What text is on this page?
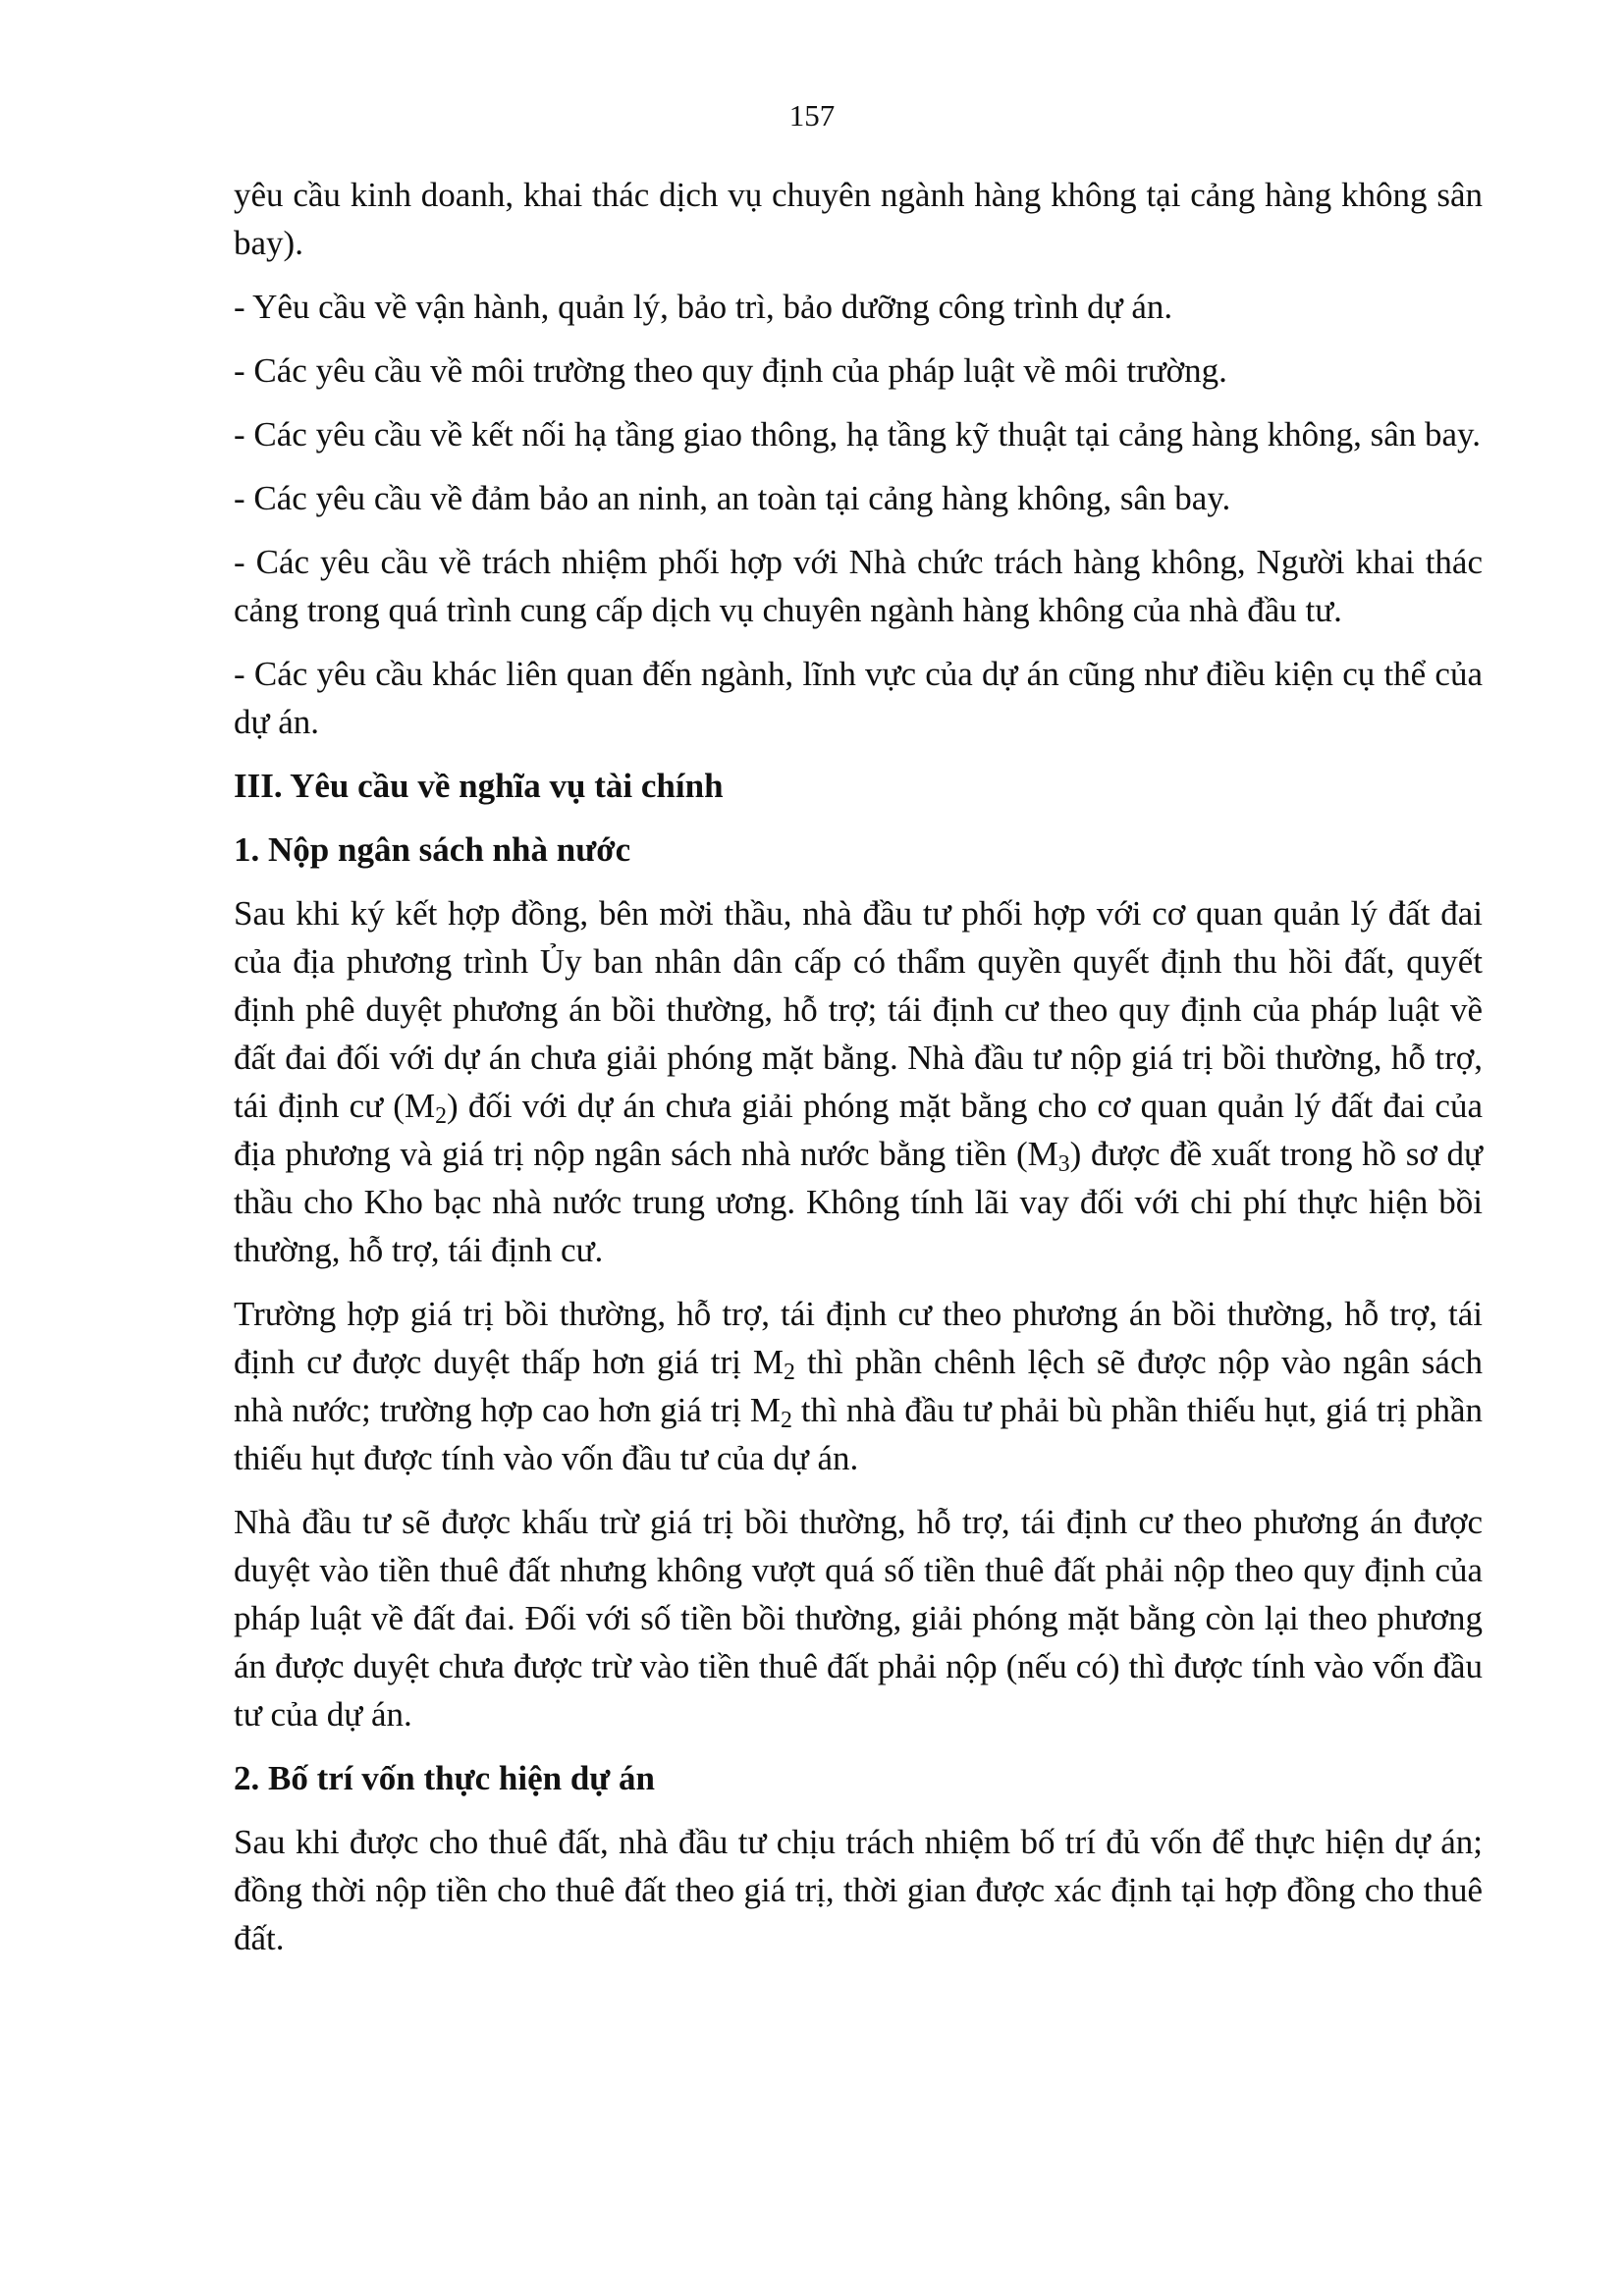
157

yêu cầu kinh doanh, khai thác dịch vụ chuyên ngành hàng không tại cảng hàng không sân bay).

- Yêu cầu về vận hành, quản lý, bảo trì, bảo dưỡng công trình dự án.

- Các yêu cầu về môi trường theo quy định của pháp luật về môi trường.

- Các yêu cầu về kết nối hạ tầng giao thông, hạ tầng kỹ thuật tại cảng hàng không, sân bay.

- Các yêu cầu về đảm bảo an ninh, an toàn tại cảng hàng không, sân bay.

- Các yêu cầu về trách nhiệm phối hợp với Nhà chức trách hàng không, Người khai thác cảng trong quá trình cung cấp dịch vụ chuyên ngành hàng không của nhà đầu tư.

- Các yêu cầu khác liên quan đến ngành, lĩnh vực của dự án cũng như điều kiện cụ thể của dự án.

III. Yêu cầu về nghĩa vụ tài chính

1. Nộp ngân sách nhà nước

Sau khi ký kết hợp đồng, bên mời thầu, nhà đầu tư phối hợp với cơ quan quản lý đất đai của địa phương trình Ủy ban nhân dân cấp có thẩm quyền quyết định thu hồi đất, quyết định phê duyệt phương án bồi thường, hỗ trợ; tái định cư theo quy định của pháp luật về đất đai đối với dự án chưa giải phóng mặt bằng. Nhà đầu tư nộp giá trị bồi thường, hỗ trợ, tái định cư $(M_2)$ đối với dự án chưa giải phóng mặt bằng cho cơ quan quản lý đất đai của địa phương và giá trị nộp ngân sách nhà nước bằng tiền $(M_3)$ được đề xuất trong hồ sơ dự thầu cho Kho bạc nhà nước trung ương. Không tính lãi vay đối với chi phí thực hiện bồi thường, hỗ trợ, tái định cư.

Trường hợp giá trị bồi thường, hỗ trợ, tái định cư theo phương án bồi thường, hỗ trợ, tái định cư được duyệt thấp hơn giá trị $M_2$ thì phần chênh lệch sẽ được nộp vào ngân sách nhà nước; trường hợp cao hơn giá trị $M_2$ thì nhà đầu tư phải bù phần thiếu hụt, giá trị phần thiếu hụt được tính vào vốn đầu tư của dự án.

Nhà đầu tư sẽ được khấu trừ giá trị bồi thường, hỗ trợ, tái định cư theo phương án được duyệt vào tiền thuê đất nhưng không vượt quá số tiền thuê đất phải nộp theo quy định của pháp luật về đất đai. Đối với số tiền bồi thường, giải phóng mặt bằng còn lại theo phương án được duyệt chưa được trừ vào tiền thuê đất phải nộp (nếu có) thì được tính vào vốn đầu tư của dự án.

2. Bố trí vốn thực hiện dự án

Sau khi được cho thuê đất, nhà đầu tư chịu trách nhiệm bố trí đủ vốn để thực hiện dự án; đồng thời nộp tiền cho thuê đất theo giá trị, thời gian được xác định tại hợp đồng cho thuê đất.
